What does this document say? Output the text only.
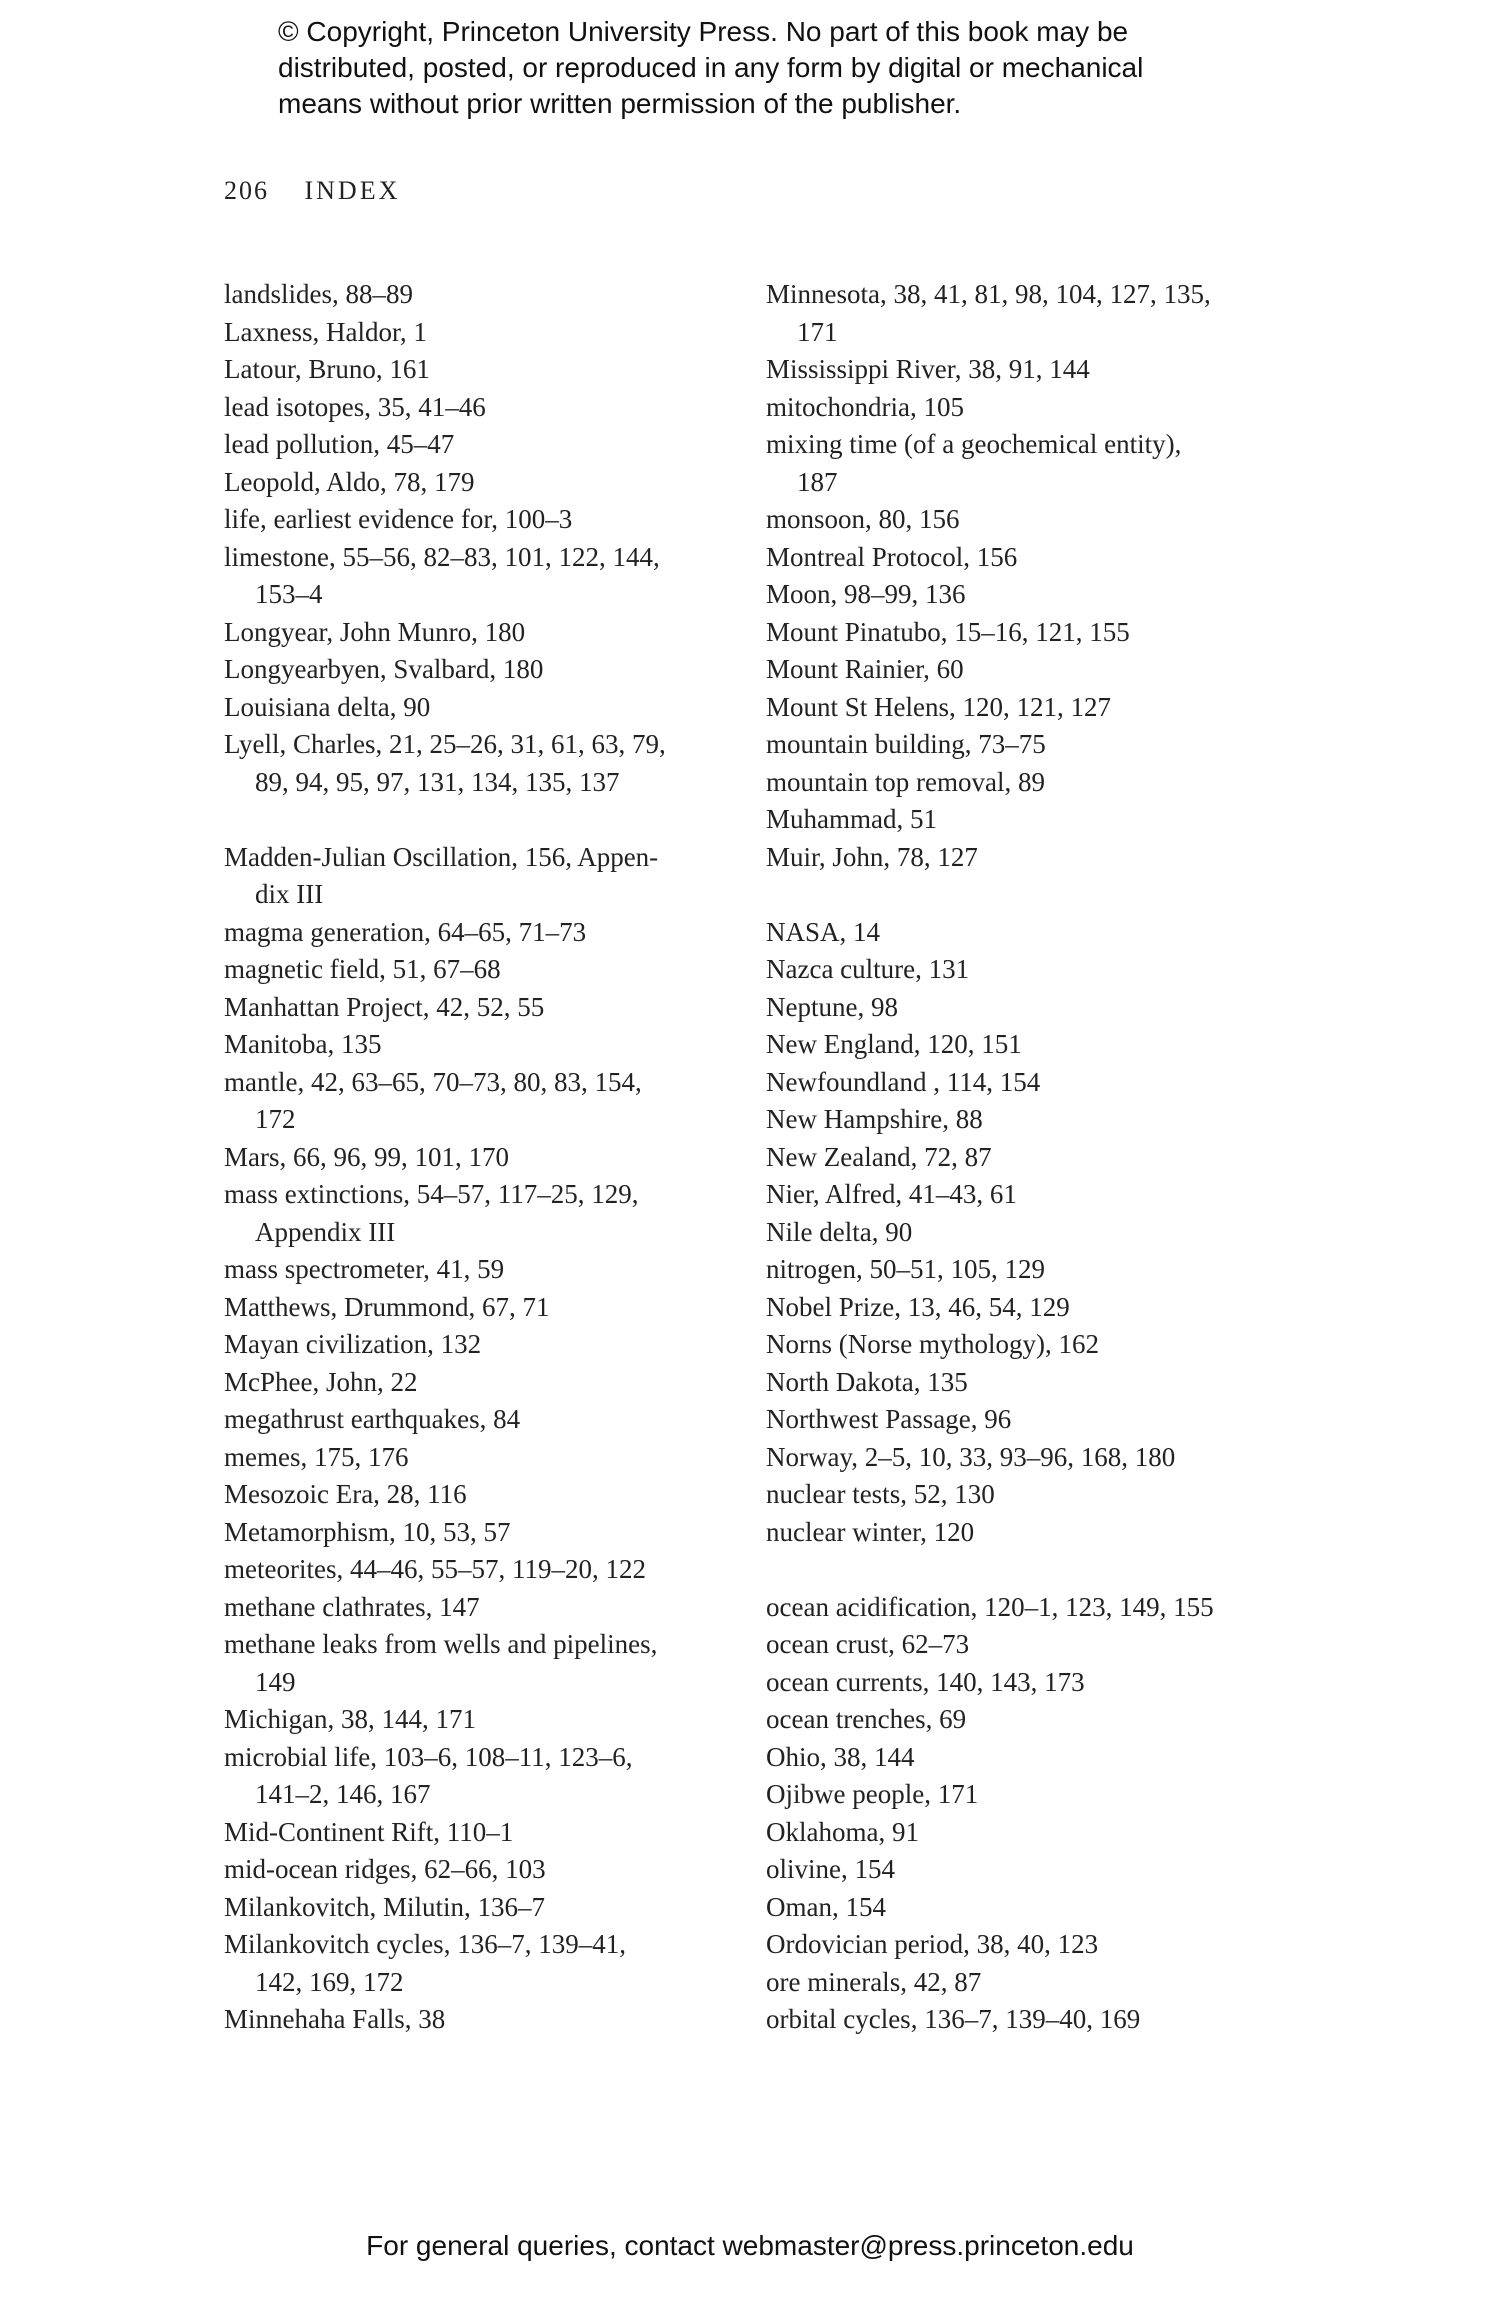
© Copyright, Princeton University Press. No part of this book may be
distributed, posted, or reproduced in any form by digital or mechanical
means without prior written permission of the publisher.
206 INDEX
landslides, 88–89
Laxness, Haldor, 1
Latour, Bruno, 161
lead isotopes, 35, 41–46
lead pollution, 45–47
Leopold, Aldo, 78, 179
life, earliest evidence for, 100–3
limestone, 55–56, 82–83, 101, 122, 144,
153–4
Longyear, John Munro, 180
Longyearbyen, Svalbard, 180
Louisiana delta, 90
Lyell, Charles, 21, 25–26, 31, 61, 63, 79,
89, 94, 95, 97, 131, 134, 135, 137
Madden-Julian Oscillation, 156, Appen-
dix III
magma generation, 64–65, 71–73
magnetic field, 51, 67–68
Manhattan Project, 42, 52, 55
Manitoba, 135
mantle, 42, 63–65, 70–73, 80, 83, 154,
172
Mars, 66, 96, 99, 101, 170
mass extinctions, 54–57, 117–25, 129,
Appendix III
mass spectrometer, 41, 59
Matthews, Drummond, 67, 71
Mayan civilization, 132
McPhee, John, 22
megathrust earthquakes, 84
memes, 175, 176
Mesozoic Era, 28, 116
Metamorphism, 10, 53, 57
meteorites, 44–46, 55–57, 119–20, 122
methane clathrates, 147
methane leaks from wells and pipelines,
149
Michigan, 38, 144, 171
microbial life, 103–6, 108–11, 123–6,
141–2, 146, 167
Mid-Continent Rift, 110–1
mid-ocean ridges, 62–66, 103
Milankovitch, Milutin, 136–7
Milankovitch cycles, 136–7, 139–41,
142, 169, 172
Minnehaha Falls, 38
Minnesota, 38, 41, 81, 98, 104, 127, 135,
171
Mississippi River, 38, 91, 144
mitochondria, 105
mixing time (of a geochemical entity),
187
monsoon, 80, 156
Montreal Protocol, 156
Moon, 98–99, 136
Mount Pinatubo, 15–16, 121, 155
Mount Rainier, 60
Mount St Helens, 120, 121, 127
mountain building, 73–75
mountain top removal, 89
Muhammad, 51
Muir, John, 78, 127
NASA, 14
Nazca culture, 131
Neptune, 98
New England, 120, 151
Newfoundland , 114, 154
New Hampshire, 88
New Zealand, 72, 87
Nier, Alfred, 41–43, 61
Nile delta, 90
nitrogen, 50–51, 105, 129
Nobel Prize, 13, 46, 54, 129
Norns (Norse mythology), 162
North Dakota, 135
Northwest Passage, 96
Norway, 2–5, 10, 33, 93–96, 168, 180
nuclear tests, 52, 130
nuclear winter, 120
ocean acidification, 120–1, 123, 149, 155
ocean crust, 62–73
ocean currents, 140, 143, 173
ocean trenches, 69
Ohio, 38, 144
Ojibwe people, 171
Oklahoma, 91
olivine, 154
Oman, 154
Ordovician period, 38, 40, 123
ore minerals, 42, 87
orbital cycles, 136–7, 139–40, 169
For general queries, contact webmaster@press.princeton.edu
